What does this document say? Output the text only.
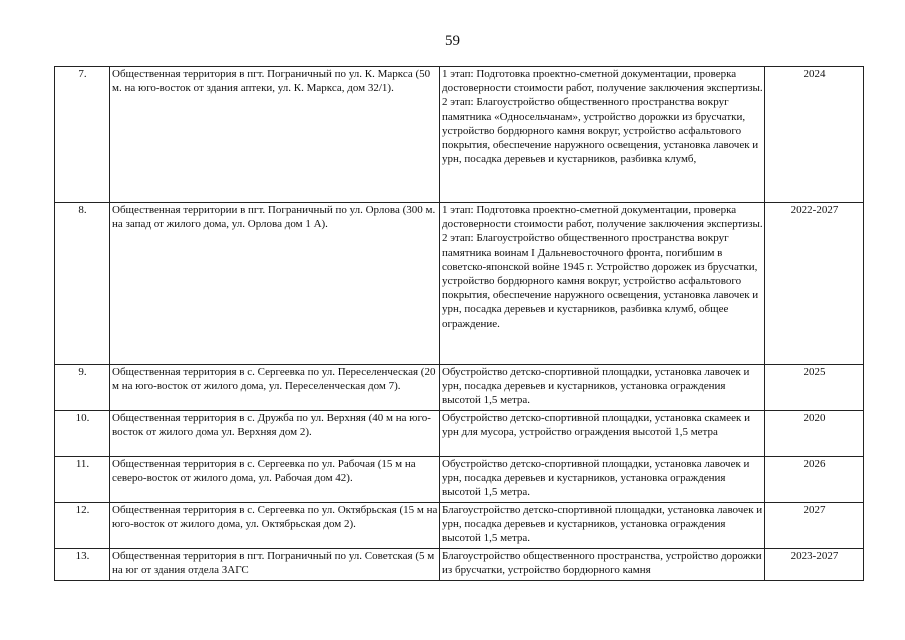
59
7.	Общественная территория в пгт. Пограничный по ул. К. Маркса (50 м. на юго-восток от здания аптеки, ул. К. Маркса, дом 32/1).	1 этап: Подготовка проектно-сметной документации, проверка достоверности стоимости работ, получение заключения экспертизы.
2 этап: Благоустройство общественного пространства вокруг памятника «Односельчанам», устройство дорожки из брусчатки, устройство бордюрного камня вокруг, устройство асфальтового покрытия, обеспечение наружного освещения, установка лавочек и урн, посадка деревьев и кустарников, разбивка клумб,	2024
8.	Общественная территории в пгт. Пограничный по ул. Орлова (300 м. на запад от жилого дома, ул. Орлова дом 1 А).	1 этап: Подготовка проектно-сметной документации, проверка достоверности стоимости работ, получение заключения экспертизы.
2 этап: Благоустройство общественного пространства вокруг памятника воинам I Дальневосточного фронта, погибшим в советско-японской войне 1945 г. Устройство дорожек из брусчатки, устройство бордюрного камня вокруг, устройство асфальтового покрытия, обеспечение наружного освещения, установка лавочек и урн, посадка деревьев и кустарников, разбивка клумб, общее ограждение.	2022-2027
9.	Общественная территория в с. Сергеевка по ул. Переселенческая (20 м на юго-восток от жилого дома, ул. Переселенческая дом 7).	Обустройство детско-спортивной площадки, установка лавочек и урн, посадка деревьев и кустарников, установка ограждения высотой 1,5 метра.	2025
10.	Общественная территория в с. Дружба по ул. Верхняя (40 м на юго-восток от жилого дома ул. Верхняя дом 2).	Обустройство детско-спортивной площадки, установка скамеек и урн для мусора, устройство ограждения высотой 1,5 метра	2020
11.	Общественная территория в с. Сергеевка по ул. Рабочая (15 м на северо-восток от жилого дома, ул. Рабочая дом 42).	Обустройство детско-спортивной площадки, установка лавочек и урн, посадка деревьев и кустарников, установка ограждения высотой 1,5 метра.	2026
12.	Общественная территория в с. Сергеевка по ул. Октябрьская (15 м на юго-восток от жилого дома, ул. Октябрьская дом 2).	Благоустройство детско-спортивной площадки, установка лавочек и урн, посадка деревьев и кустарников, установка ограждения высотой 1,5 метра.	2027
13.	Общественная территория в пгт. Пограничный по ул. Советская (5 м на юг от здания отдела ЗАГС	Благоустройство общественного пространства, устройство дорожки из брусчатки, устройство бордюрного камня	2023-2027
